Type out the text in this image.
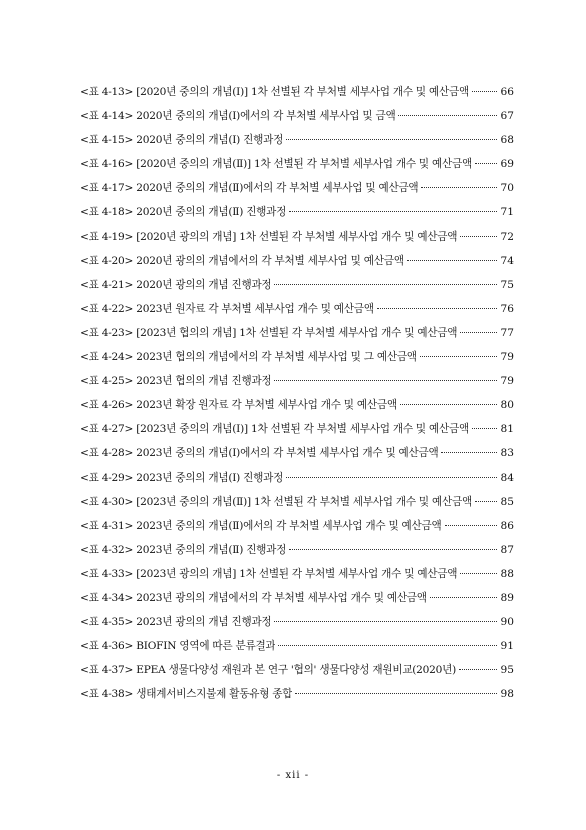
<표 4-13> [2020년 중의의 개념(Ⅰ)] 1차 선별된 각 부처별 세부사업 개수 및 예산금액	66
<표 4-14> 2020년 중의의 개념(Ⅰ)에서의 각 부처별 세부사업 및 금액	67
<표 4-15> 2020년 중의의 개념(Ⅰ) 진행과정	68
<표 4-16> [2020년 중의의 개념(Ⅱ)] 1차 선별된 각 부처별 세부사업 개수 및 예산금액	69
<표 4-17> 2020년 중의의 개념(Ⅱ)에서의 각 부처별 세부사업 및 예산금액	70
<표 4-18> 2020년 중의의 개념(Ⅱ) 진행과정	71
<표 4-19> [2020년 광의의 개념] 1차 선별된 각 부처별 세부사업 개수 및 예산금액	72
<표 4-20> 2020년 광의의 개념에서의 각 부처별 세부사업 및 예산금액	74
<표 4-21> 2020년 광의의 개념 진행과정	75
<표 4-22> 2023년 원자료 각 부처별 세부사업 개수 및 예산금액	76
<표 4-23> [2023년 협의의 개념] 1차 선별된 각 부처별 세부사업 개수 및 예산금액	77
<표 4-24> 2023년 협의의 개념에서의 각 부처별 세부사업 및 그 예산금액	79
<표 4-25> 2023년 협의의 개념 진행과정	79
<표 4-26> 2023년 확장 원자료 각 부처별 세부사업 개수 및 예산금액	80
<표 4-27> [2023년 중의의 개념(Ⅰ)] 1차 선별된 각 부처별 세부사업 개수 및 예산금액	81
<표 4-28> 2023년 중의의 개념(Ⅰ)에서의 각 부처별 세부사업 개수 및 예산금액	83
<표 4-29> 2023년 중의의 개념(Ⅰ) 진행과정	84
<표 4-30> [2023년 중의의 개념(Ⅱ)] 1차 선별된 각 부처별 세부사업 개수 및 예산금액	85
<표 4-31> 2023년 중의의 개념(Ⅱ)에서의 각 부처별 세부사업 개수 및 예산금액	86
<표 4-32> 2023년 중의의 개념(Ⅱ) 진행과정	87
<표 4-33> [2023년 광의의 개념] 1차 선별된 각 부처별 세부사업 개수 및 예산금액	88
<표 4-34> 2023년 광의의 개념에서의 각 부처별 세부사업 개수 및 예산금액	89
<표 4-35> 2023년 광의의 개념 진행과정	90
<표 4-36> BIOFIN 영역에 따른 분류결과	91
<표 4-37> EPEA 생물다양성 재원과 본 연구 '협의' 생물다양성 재원비교(2020년)	95
<표 4-38> 생태계서비스지불제 활동유형 종합	98
- xii -
